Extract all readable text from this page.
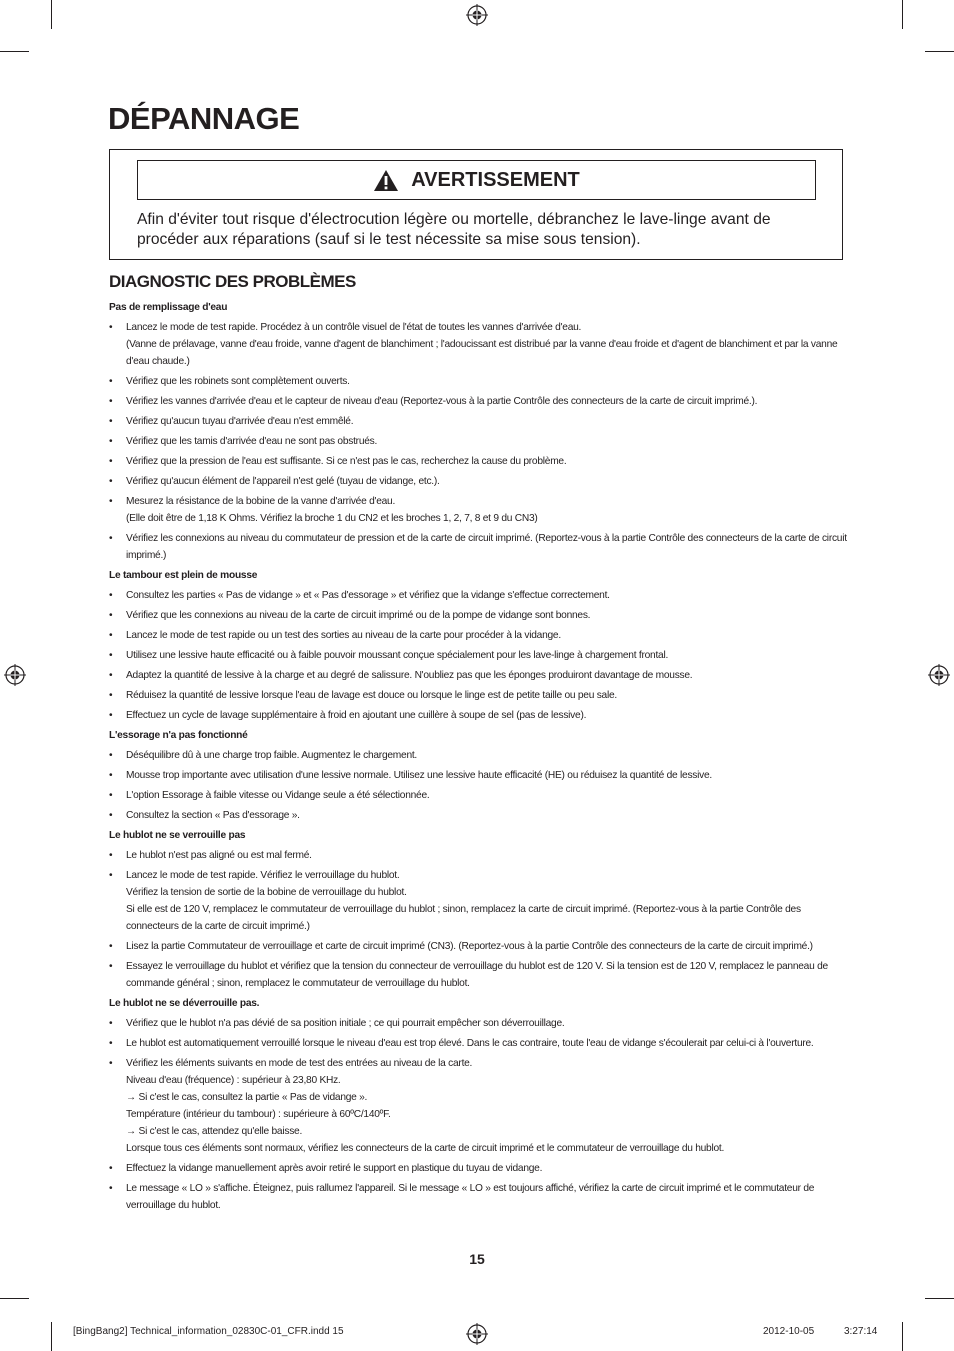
DÉPANNAGE
AVERTISSEMENT
Afin d'éviter tout risque d'électrocution légère ou mortelle, débranchez le lave-linge avant de procéder aux réparations (sauf si le test nécessite sa mise sous tension).
DIAGNOSTIC DES PROBLÈMES
Pas de remplissage d'eau
• Lancez le mode de test rapide. Procédez à un contrôle visuel de l'état de toutes les vannes d'arrivée d'eau.
(Vanne de prélavage, vanne d'eau froide, vanne d'agent de blanchiment ; l'adoucissant est distribué par la vanne d'eau froide et d'agent de blanchiment et par la vanne d'eau chaude.)
• Vérifiez que les robinets sont complètement ouverts.
• Vérifiez les vannes d'arrivée d'eau et le capteur de niveau d'eau (Reportez-vous à la partie Contrôle des connecteurs de la carte de circuit imprimé.).
• Vérifiez qu'aucun tuyau d'arrivée d'eau n'est emmêlé.
• Vérifiez que les tamis d'arrivée d'eau ne sont pas obstrués.
• Vérifiez que la pression de l'eau est suffisante. Si ce n'est pas le cas, recherchez la cause du problème.
• Vérifiez qu'aucun élément de l'appareil n'est gelé (tuyau de vidange, etc.).
• Mesurez la résistance de la bobine de la vanne d'arrivée d'eau.
(Elle doit être de 1,18 K Ohms. Vérifiez la broche 1 du CN2 et les broches 1, 2, 7, 8 et 9 du CN3)
• Vérifiez les connexions au niveau du commutateur de pression et de la carte de circuit imprimé. (Reportez-vous à la partie Contrôle des connecteurs de la carte de circuit imprimé.)
Le tambour est plein de mousse
• Consultez les parties « Pas de vidange » et « Pas d'essorage » et vérifiez que la vidange s'effectue correctement.
• Vérifiez que les connexions au niveau de la carte de circuit imprimé ou de la pompe de vidange sont bonnes.
• Lancez le mode de test rapide ou un test des sorties au niveau de la carte pour procéder à la vidange.
• Utilisez une lessive haute efficacité ou à faible pouvoir moussant conçue spécialement pour les lave-linge à chargement frontal.
• Adaptez la quantité de lessive à la charge et au degré de salissure. N'oubliez pas que les éponges produiront davantage de mousse.
• Réduisez la quantité de lessive lorsque l'eau de lavage est douce ou lorsque le linge est de petite taille ou peu sale.
• Effectuez un cycle de lavage supplémentaire à froid en ajoutant une cuillère à soupe de sel (pas de lessive).
L'essorage n'a pas fonctionné
• Déséquilibre dû à une charge trop faible. Augmentez le chargement.
• Mousse trop importante avec utilisation d'une lessive normale. Utilisez une lessive haute efficacité (HE) ou réduisez la quantité de lessive.
• L'option Essorage à faible vitesse ou Vidange seule a été sélectionnée.
• Consultez la section « Pas d'essorage ».
Le hublot ne se verrouille pas
• Le hublot n'est pas aligné ou est mal fermé.
• Lancez le mode de test rapide. Vérifiez le verrouillage du hublot.
Vérifiez la tension de sortie de la bobine de verrouillage du hublot.
Si elle est de 120 V, remplacez le commutateur de verrouillage du hublot ; sinon, remplacez la carte de circuit imprimé. (Reportez-vous à la partie Contrôle des connecteurs de la carte de circuit imprimé.)
• Lisez la partie Commutateur de verrouillage et carte de circuit imprimé (CN3). (Reportez-vous à la partie Contrôle des connecteurs de la carte de circuit imprimé.)
• Essayez le verrouillage du hublot et vérifiez que la tension du connecteur de verrouillage du hublot est de 120 V. Si la tension est de 120 V, remplacez le panneau de commande général ; sinon, remplacez le commutateur de verrouillage du hublot.
Le hublot ne se déverrouille pas.
• Vérifiez que le hublot n'a pas dévié de sa position initiale ; ce qui pourrait empêcher son déverrouillage.
• Le hublot est automatiquement verrouillé lorsque le niveau d'eau est trop élevé. Dans le cas contraire, toute l'eau de vidange s'écoulerait par celui-ci à l'ouverture.
• Vérifiez les éléments suivants en mode de test des entrées au niveau de la carte.
Niveau d'eau (fréquence) : supérieur à 23,80 KHz.
→ Si c'est le cas, consultez la partie « Pas de vidange ».
Température (intérieur du tambour) : supérieure à 60ºC/140ºF.
→ Si c'est le cas, attendez qu'elle baisse.
Lorsque tous ces éléments sont normaux, vérifiez les connecteurs de la carte de circuit imprimé et le commutateur de verrouillage du hublot.
• Effectuez la vidange manuellement après avoir retiré le support en plastique du tuyau de vidange.
• Le message « LO » s'affiche. Éteignez, puis rallumez l'appareil. Si le message « LO » est toujours affiché, vérifiez la carte de circuit imprimé et le commutateur de verrouillage du hublot.
15
[BingBang2] Technical_information_02830C-01_CFR.indd 15	2012-10-05	3:27:14
